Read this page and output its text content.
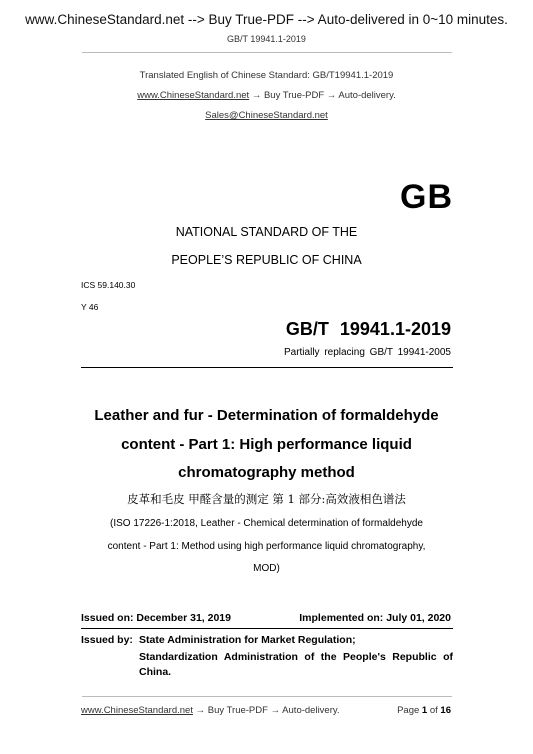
www.ChineseStandard.net --> Buy True-PDF --> Auto-delivered in 0~10 minutes.
GB/T 19941.1-2019
Translated English of Chinese Standard: GB/T19941.1-2019
www.ChineseStandard.net → Buy True-PDF → Auto-delivery.
Sales@ChineseStandard.net
GB
NATIONAL STANDARD OF THE
PEOPLE’S REPUBLIC OF CHINA
ICS 59.140.30
Y 46
GB/T 19941.1-2019
Partially replacing GB/T 19941-2005
Leather and fur - Determination of formaldehyde
content - Part 1: High performance liquid
chromatography method
皮革和毛皮 甲醛含量的测定 第 1 部分:高效液相色谱法
(ISO 17226-1:2018, Leather - Chemical determination of formaldehyde
content - Part 1: Method using high performance liquid chromatography,
MOD)
Issued on: December 31, 2019	Implemented on: July 01, 2020
Issued by: State Administration for Market Regulation;
Standardization Administration of the People's Republic of
China.
www.ChineseStandard.net → Buy True-PDF → Auto-delivery.	Page 1 of 16
